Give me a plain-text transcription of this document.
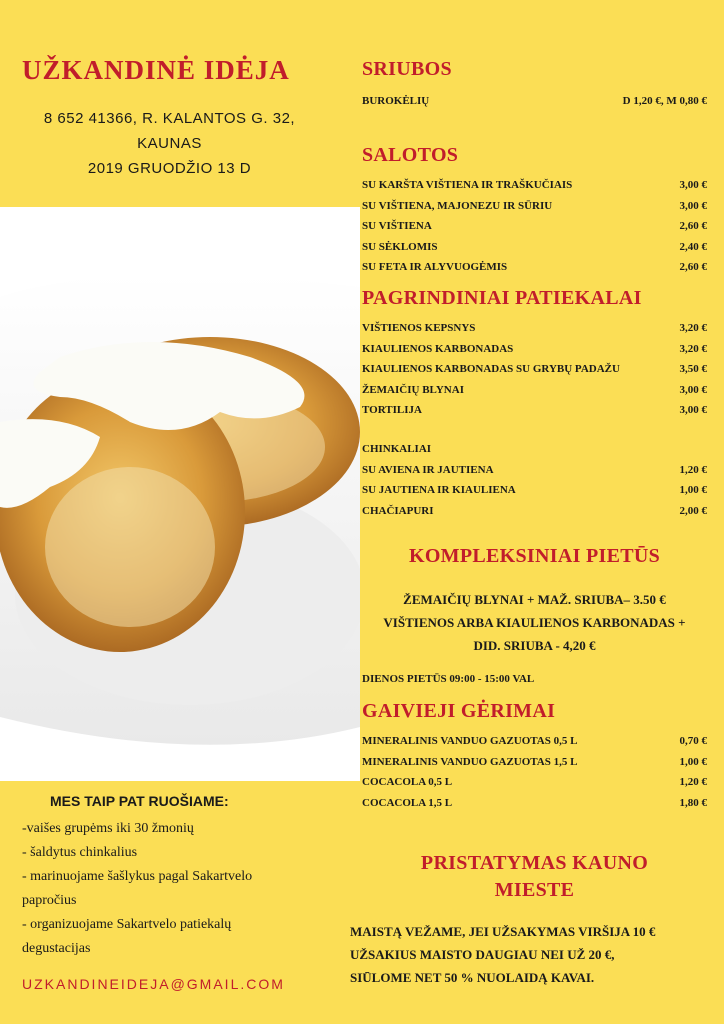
UŽKANDINĖ IDĖJA
8 652 41366, R. KALANTOS G. 32,
KAUNAS
2019 GRUODŽIO 13 D
SRIUBOS
BUROKĖLIŲ	D 1,20 €, M 0,80 €
SALOTOS
SU KARŠTA VIŠTIENA IR TRAŠKUČIAIS	3,00 €
SU VIŠTIENA, MAJONEZU IR SŪRIU	3,00 €
SU VIŠTIENA	2,60 €
SU SĖKLOMIS	2,40 €
SU FETA IR ALYVUOGĖMIS	2,60 €
PAGRINDINIAI PATIEKALAI
VIŠTIENOS KEPSNYS	3,20 €
KIAULIENOS KARBONADAS	3,20 €
KIAULIENOS KARBONADAS SU GRYBŲ PADAŽU	3,50 €
ŽEMAIČIŲ BLYNAI	3,00 €
TORTILIJA	3,00 €
CHINKALIAI
SU AVIENA IR JAUTIENA	1,20 €
SU JAUTIENA IR KIAULIENA	1,00 €
CHAČIAPURI	2,00 €
KOMPLEKSINIAI PIETŪS
ŽEMAIČIŲ BLYNAI + MAŽ. SRIUBA– 3.50 €
VIŠTIENOS ARBA KIAULIENOS KARBONADAS +
DID. SRIUBA - 4,20 €
DIENOS PIETŪS 09:00 - 15:00 VAL
GAIVIEJI GĖRIMAI
MINERALINIS VANDUO GAZUOTAS 0,5 L	0,70 €
MINERALINIS VANDUO GAZUOTAS 1,5 L	1,00 €
COCACOLA 0,5 L	1,20 €
COCACOLA 1,5 L	1,80 €
PRISTATYMAS KAUNO
MIESTE
MAISTĄ VEŽAME, JEI UŽSAKYMAS VIRŠIJA 10 €
UŽSAKIUS MAISTO DAUGIAU NEI UŽ 20 €,
SIŪLOME NET 50 % NUOLAIDĄ KAVAI.
MES TAIP PAT RUOŠIAME:
-vaišes grupėms iki 30 žmonių
- šaldytus chinkalius
- marinuojame šašlykus pagal Sakartvelo
papročius
- organizuojame Sakartvelo patiekalų
degustacijas
UZKANDINEIDEJA@GMAIL.COM
